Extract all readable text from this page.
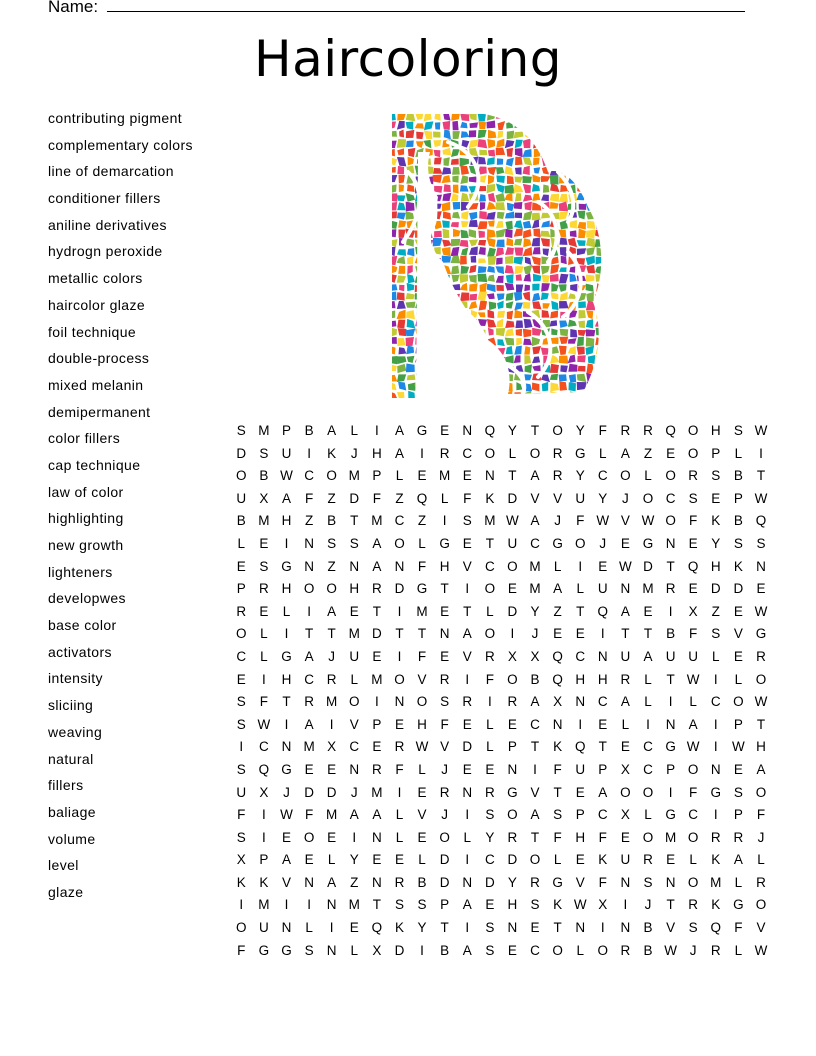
Name:
Haircoloring
contributing pigment
complementary colors
line of demarcation
conditioner fillers
aniline derivatives
hydrogn peroxide
metallic colors
haircolor glaze
foil technique
double-process
mixed melanin
demipermanent
color fillers
cap technique
law of color
highlighting
new growth
lighteners
developwes
base color
activators
intensity
sliciing
weaving
natural
fillers
baliage
volume
level
glaze
S M P	B	A	L	I	A G E N Q Y	T O Y	F	R R Q O H S W
D S U	I	K	J	H A	I	R C O	L	O R G	L	A	Z	E O P	L	I
O B W C O M P	L	E M E N	T	A R Y C O	L	O R S	B	T
U X	A	F	Z	D	F	Z Q	L	F	K D V	V U Y	J	O C S	E	P W
B M H	Z	B	T M C	Z	I	S M W A	J	F W V W O F	K	B Q
L	E	I	N S	S	A O	L	G E	T	U C G O	J	E G N E	Y	S	S
E	S G N	Z	N A N	F	H V C O M L	I	E W D	T Q H K N
P R H O O H R D G T	I	O E M A	L	U N M R E D D E
R E	L	I	A	E	T	I	M E	T	L	D Y	Z	T Q A	E	I	X	Z	E W
O	L	I	T	T M D	T	T	N A O	I	J	E	E	I	T	T	B	F	S	V G
C	L	G A	J	U E	I	F	E	V R X	X Q C N U A U U	L	E R
E	I	H C R	L M O V R	I	F O B Q H H R	L	T W	I	L	O
S	F	T	R M O	I	N O S R	I	R A	X N C A	L	I	L	C O W
S W	I	A	I	V	P	E H	F	E	L	E C N	I	E	L	I	N A	I	P	T
I	C N M X C E R W V D	L	P	T	K Q T	E C G W	I	W H
S Q G E	E N R	F	L	J	E	E N	I	F	U P	X C P O N E	A
U X	J	D D	J	M	I	E R N R G V	T	E	A O O	I	F G S O
F	I	W F M A	A	L	V	J	I	S O A	S	P C X	L	G C	I	P	F
S	I	E O E	I	N	L	E O	L	Y R	T	F	H	F	E O M O R R	J
X	P	A	E	L	Y	E	E	L	D	I	C D O	L	E	K U R E	L	K	A	L
K	K	V N A	Z	N R B D N D Y R G V	F	N S N O M L	R
I	M	I	I	N M T	S	S	P	A	E H S	K W X	I	J	T	R K G O
O U N	L	I	E Q K	Y	T	I	S N E	T	N	I	N B	V	S Q F	V
F G G S N	L	X D	I	B	A	S	E C O	L	O R B W J	R	L W
